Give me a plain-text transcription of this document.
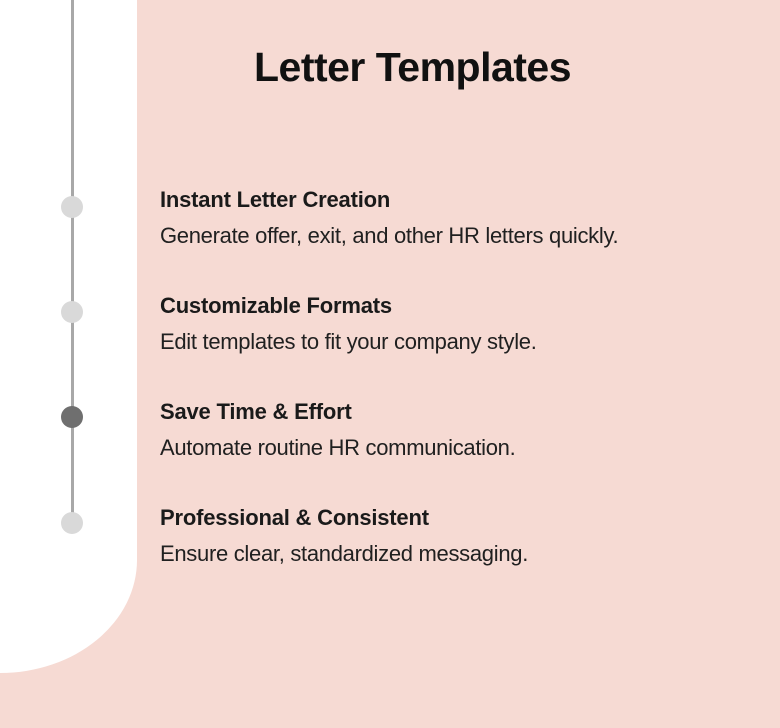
Letter Templates
Instant Letter Creation
Generate offer, exit, and other HR letters quickly.
Customizable Formats
Edit templates to fit your company style.
Save Time & Effort
Automate routine HR communication.
Professional & Consistent
Ensure clear, standardized messaging.
